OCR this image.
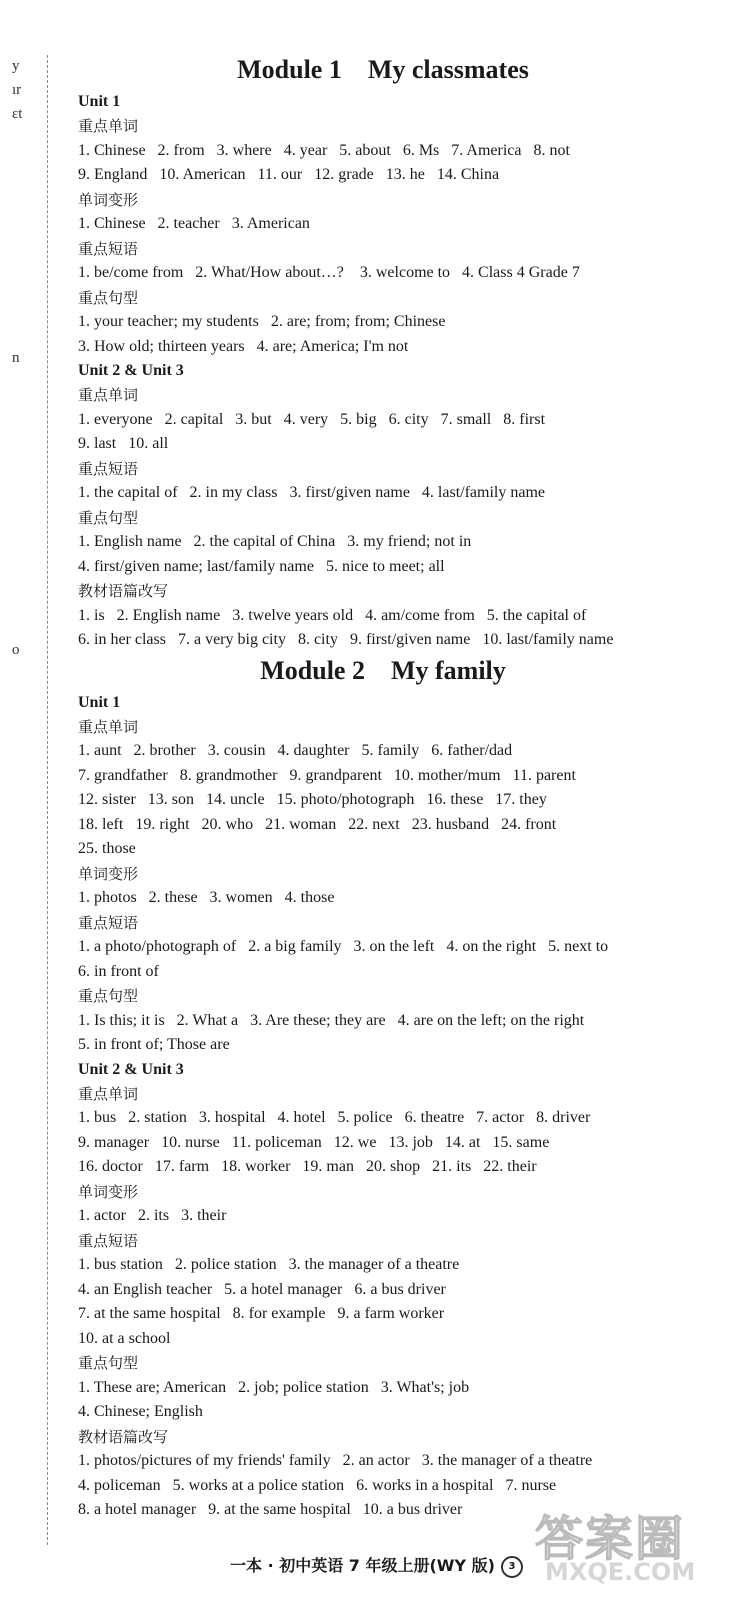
y
ır
ɛt
n
o
Module 1    My classmates
Unit 1
重点单词
1. Chinese   2. from   3. where   4. year   5. about   6. Ms   7. America   8. not
9. England   10. American   11. our   12. grade   13. he   14. China
单词变形
1. Chinese   2. teacher   3. American
重点短语
1. be/come from   2. What/How about…?    3. welcome to   4. Class 4 Grade 7
重点句型
1. your teacher; my students   2. are; from; from; Chinese
3. How old; thirteen years   4. are; America; I'm not
Unit 2 & Unit 3
重点单词
1. everyone   2. capital   3. but   4. very   5. big   6. city   7. small   8. first
9. last   10. all
重点短语
1. the capital of   2. in my class   3. first/given name   4. last/family name
重点句型
1. English name   2. the capital of China   3. my friend; not in
4. first/given name; last/family name   5. nice to meet; all
教材语篇改写
1. is   2. English name   3. twelve years old   4. am/come from   5. the capital of
6. in her class   7. a very big city   8. city   9. first/given name   10. last/family name
Module 2    My family
Unit 1
重点单词
1. aunt   2. brother   3. cousin   4. daughter   5. family   6. father/dad
7. grandfather   8. grandmother   9. grandparent   10. mother/mum   11. parent
12. sister   13. son   14. uncle   15. photo/photograph   16. these   17. they
18. left   19. right   20. who   21. woman   22. next   23. husband   24. front
25. those
单词变形
1. photos   2. these   3. women   4. those
重点短语
1. a photo/photograph of   2. a big family   3. on the left   4. on the right   5. next to
6. in front of
重点句型
1. Is this; it is   2. What a   3. Are these; they are   4. are on the left; on the right
5. in front of; Those are
Unit 2 & Unit 3
重点单词
1. bus   2. station   3. hospital   4. hotel   5. police   6. theatre   7. actor   8. driver
9. manager   10. nurse   11. policeman   12. we   13. job   14. at   15. same
16. doctor   17. farm   18. worker   19. man   20. shop   21. its   22. their
单词变形
1. actor   2. its   3. their
重点短语
1. bus station   2. police station   3. the manager of a theatre
4. an English teacher   5. a hotel manager   6. a bus driver
7. at the same hospital   8. for example   9. a farm worker
10. at a school
重点句型
1. These are; American   2. job; police station   3. What's; job
4. Chinese; English
教材语篇改写
1. photos/pictures of my friends' family   2. an actor   3. the manager of a theatre
4. policeman   5. works at a police station   6. works in a hospital   7. nurse
8. a hotel manager   9. at the same hospital   10. a bus driver
答案圈
MXQE.COM
一本 · 初中英语 7 年级上册(WY 版) 3
